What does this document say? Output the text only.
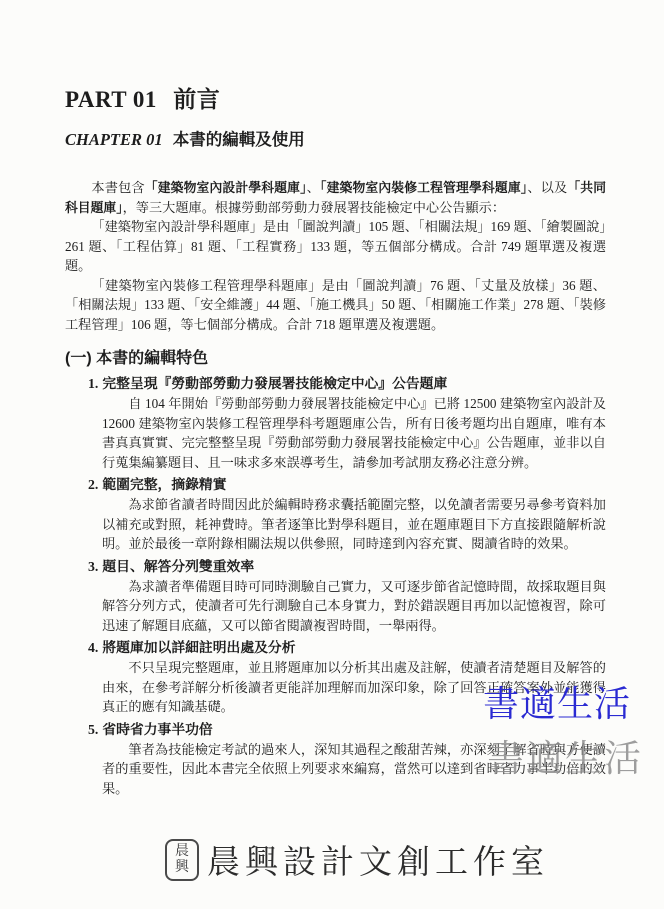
PART 01 前言
CHAPTER 01 本書的編輯及使用

本書包含「建築物室內設計學科題庫」、「建築物室內裝修工程管理學科題庫」、以及「共同科目題庫」，等三大題庫。根據勞動部勞動力發展署技能檢定中心公告顯示：

「建築物室內設計學科題庫」是由「圖說判讀」105 題、「相關法規」169 題、「繪製圖說」261 題、「工程估算」81 題、「工程實務」133 題，等五個部分構成。合計 749 題單選及複選題。

「建築物室內裝修工程管理學科題庫」是由「圖說判讀」76 題、「丈量及放樣」36 題、「相關法規」133 題、「安全維護」44 題、「施工機具」50 題、「相關施工作業」278 題、「裝修工程管理」106 題，等七個部分構成。合計 718 題單選及複選題。

(一) 本書的編輯特色
1. 完整呈現『勞動部勞動力發展署技能檢定中心』公告題庫

自 104 年開始『勞動部勞動力發展署技能檢定中心』已將 12500 建築物室內設計及 12600 建築物室內裝修工程管理學科考題題庫公告，所有日後考題均出自題庫，唯有本書真真實實、完完整整呈現『勞動部勞動力發展署技能檢定中心』公告題庫，並非以自行蒐集編纂題目、且一味求多來誤導考生，請參加考試朋友務必注意分辨。

2. 範圍完整，摘錄精實

為求節省讀者時間因此於編輯時務求囊括範圍完整，以免讀者需要另尋參考資料加以補充或對照，耗神費時。筆者逐筆比對學科題目，並在題庫題目下方直接跟隨解析說明。並於最後一章附錄相關法規以供參照，同時達到內容充實、閱讀省時的效果。

3. 題目、解答分列雙重效率

為求讀者準備題目時可同時測驗自己實力，又可逐步節省記憶時間，故採取題目與解答分列方式，使讀者可先行測驗自己本身實力，對於錯誤題目再加以記憶複習，除可迅速了解題目底蘊，又可以節省閱讀複習時間，一舉兩得。

4. 將題庫加以詳細註明出處及分析

不只呈現完整題庫，並且將題庫加以分析其出處及註解，使讀者清楚題目及解答的由來，在參考詳解分析後讀者更能詳加理解而加深印象，除了回答正確答案外並能獲得真正的應有知識基礎。

5. 省時省力事半功倍

筆者為技能檢定考試的過來人，深知其過程之酸甜苦辣，亦深刻了解省時與方便讀者的重要性，因此本書完全依照上列要求來編寫，當然可以達到省時省力事半功倍的效果。

書適生活
書適生活
晨
興 晨興設計文創工作室
